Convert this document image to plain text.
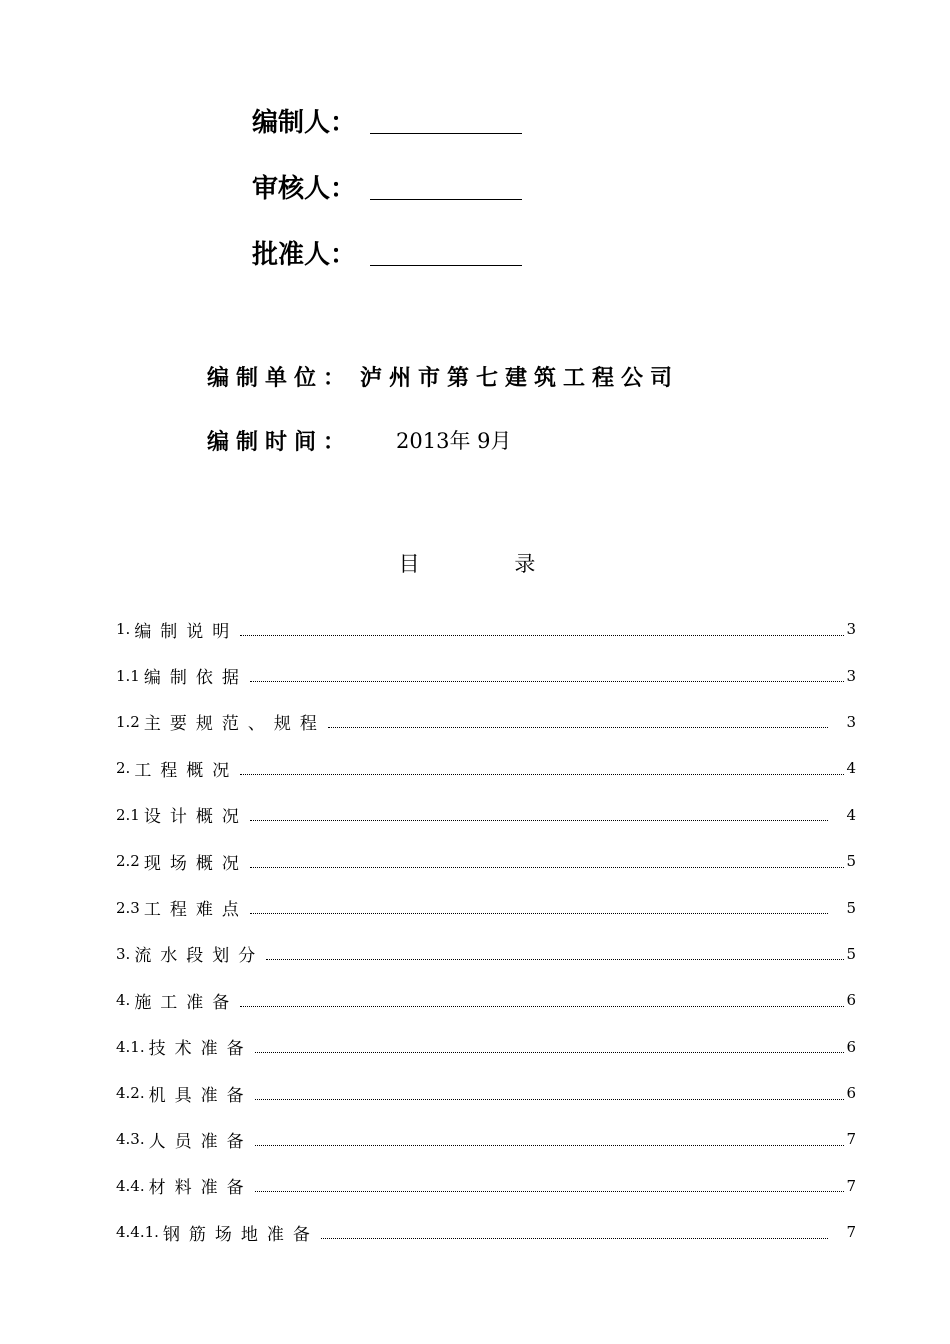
编制人：
审核人：
批准人：
编制单位： 泸州市第七建筑工程公司
编制时间： 2013年 9月
目 录
1. 编制说明	3
1.1 编制依据	3
1.2 主要规范、规程	3
2. 工程概况	4
2.1 设计概况	4
2.2 现场概况	5
2.3 工程难点	5
3. 流水段划分	5
4. 施工准备	6
4.1. 技术准备	6
4.2. 机具准备	6
4.3. 人员准备	7
4.4. 材料准备	7
4.4.1. 钢筋场地准备	7
